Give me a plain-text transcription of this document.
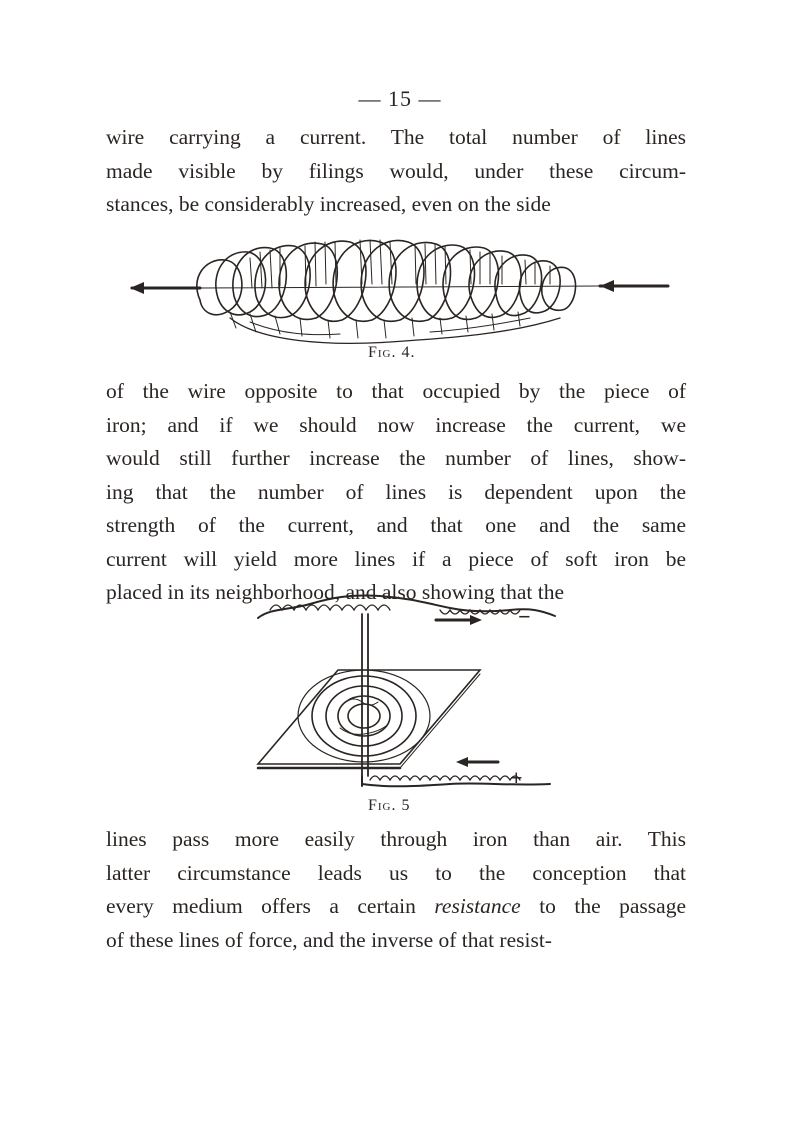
— 15 —

wire carrying a current. The total number of lines
made visible by filings would, under these circum-
stances, be considerably increased, even on the side

Fig. 4.

of the wire opposite to that occupied by the piece of
iron; and if we should now increase the current, we
would still further increase the number of lines, show-
ing that the number of lines is dependent upon the
strength of the current, and that one and the same
current will yield more lines if a piece of soft iron be
placed in its neighborhood, and also showing that the

−
+
Fig. 5

lines pass more easily through iron than air. This
latter circumstance leads us to the conception that
every medium offers a certain resistance to the passage
of these lines of force, and the inverse of that resist-
